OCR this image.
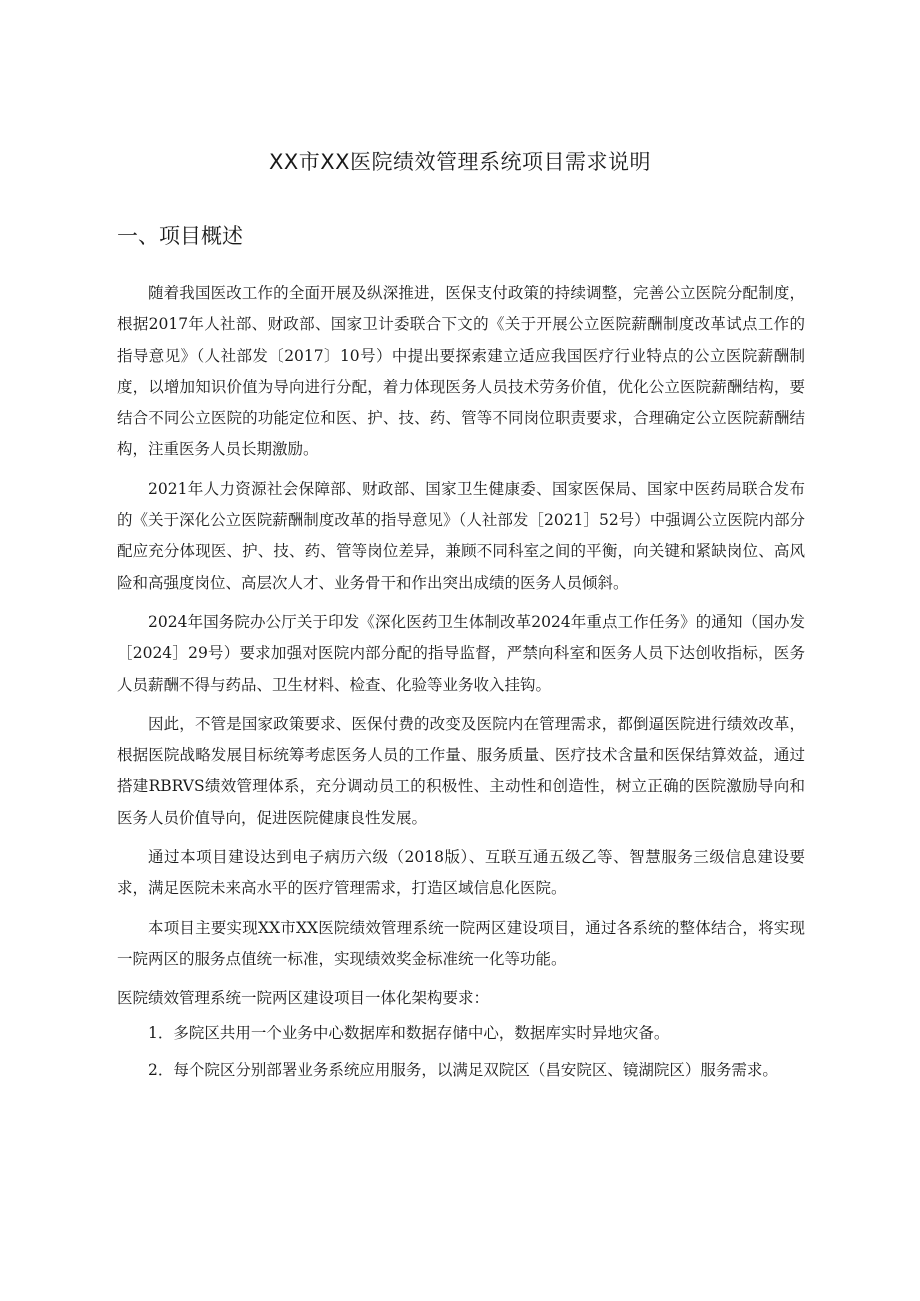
XX市XX医院绩效管理系统项目需求说明
一、项目概述

随着我国医改工作的全面开展及纵深推进，医保支付政策的持续调整，完善公立医院分配制度，根据2017年人社部、财政部、国家卫计委联合下文的《关于开展公立医院薪酬制度改革试点工作的指导意见》（人社部发〔2017〕10号）中提出要探索建立适应我国医疗行业特点的公立医院薪酬制度，以增加知识价值为导向进行分配，着力体现医务人员技术劳务价值，优化公立医院薪酬结构，要结合不同公立医院的功能定位和医、护、技、药、管等不同岗位职责要求，合理确定公立医院薪酬结构，注重医务人员长期激励。

2021年人力资源社会保障部、财政部、国家卫生健康委、国家医保局、国家中医药局联合发布的《关于深化公立医院薪酬制度改革的指导意见》（人社部发［2021］52号）中强调公立医院内部分配应充分体现医、护、技、药、管等岗位差异，兼顾不同科室之间的平衡，向关键和紧缺岗位、高风险和高强度岗位、高层次人才、业务骨干和作出突出成绩的医务人员倾斜。

2024年国务院办公厅关于印发《深化医药卫生体制改革2024年重点工作任务》的通知（国办发［2024］29号）要求加强对医院内部分配的指导监督，严禁向科室和医务人员下达创收指标，医务人员薪酬不得与药品、卫生材料、检查、化验等业务收入挂钩。

因此，不管是国家政策要求、医保付费的改变及医院内在管理需求，都倒逼医院进行绩效改革，根据医院战略发展目标统筹考虑医务人员的工作量、服务质量、医疗技术含量和医保结算效益，通过搭建RBRVS绩效管理体系，充分调动员工的积极性、主动性和创造性，树立正确的医院激励导向和医务人员价值导向，促进医院健康良性发展。

通过本项目建设达到电子病历六级（2018版）、互联互通五级乙等、智慧服务三级信息建设要求，满足医院未来高水平的医疗管理需求，打造区域信息化医院。

本项目主要实现XX市XX医院绩效管理系统一院两区建设项目，通过各系统的整体结合，将实现一院两区的服务点值统一标准，实现绩效奖金标准统一化等功能。

医院绩效管理系统一院两区建设项目一体化架构要求：

1．多院区共用一个业务中心数据库和数据存储中心，数据库实时异地灾备。

2．每个院区分别部署业务系统应用服务，以满足双院区（昌安院区、镜湖院区）服务需求。
